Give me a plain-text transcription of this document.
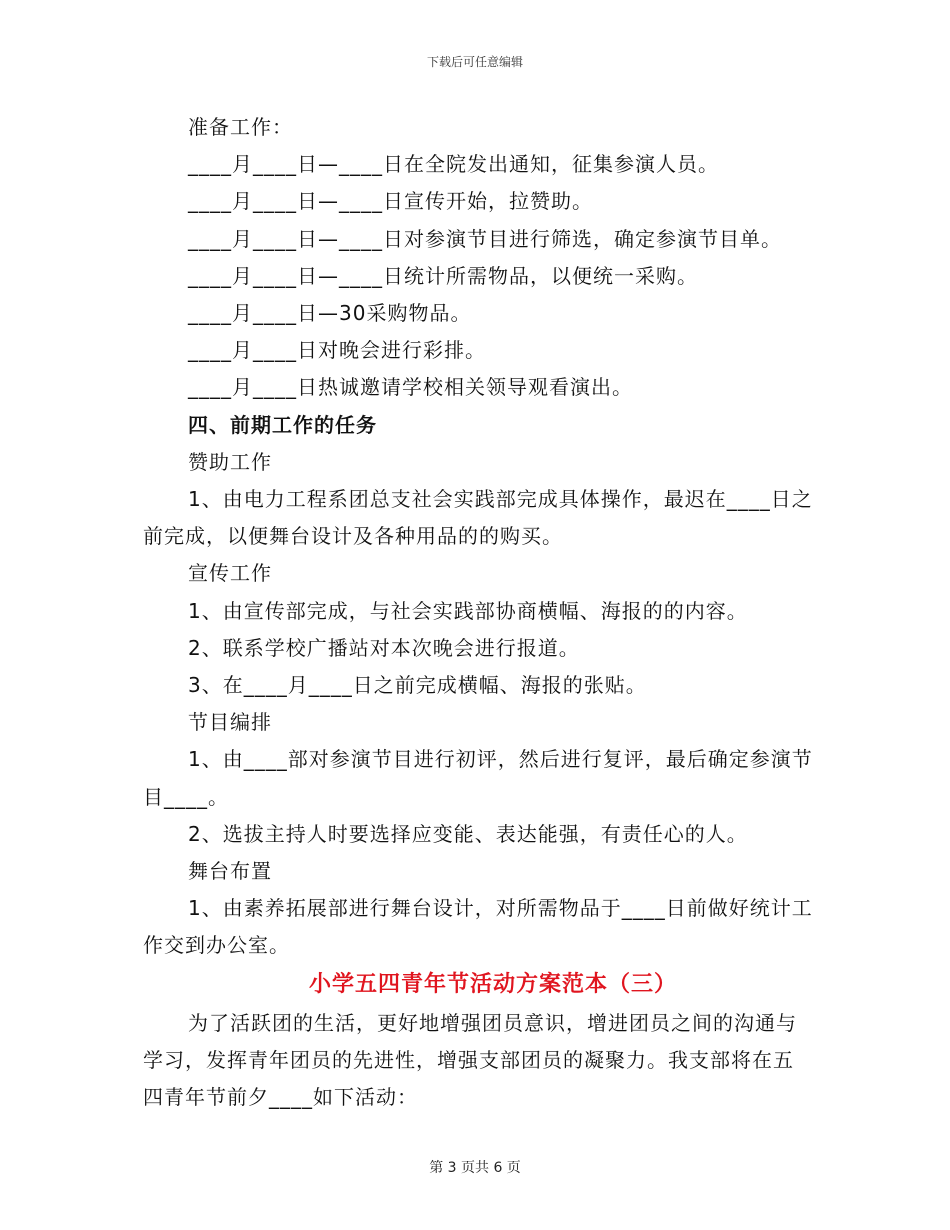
下载后可任意编辑

准备工作：

____月____日—____日在全院发出通知，征集参演人员。

____月____日—____日宣传开始，拉赞助。

____月____日—____日对参演节目进行筛选，确定参演节目单。

____月____日—____日统计所需物品，以便统一采购。

____月____日—30采购物品。

____月____日对晚会进行彩排。

____月____日热诚邀请学校相关领导观看演出。

四、前期工作的任务

赞助工作

1、由电力工程系团总支社会实践部完成具体操作，最迟在____日之前完成，以便舞台设计及各种用品的的购买。

宣传工作

1、由宣传部完成，与社会实践部协商横幅、海报的的内容。

2、联系学校广播站对本次晚会进行报道。

3、在____月____日之前完成横幅、海报的张贴。

节目编排

1、由____部对参演节目进行初评，然后进行复评，最后确定参演节目____。

2、选拔主持人时要选择应变能、表达能强，有责任心的人。

舞台布置

1、由素养拓展部进行舞台设计，对所需物品于____日前做好统计工作交到办公室。

小学五四青年节活动方案范本（三）

为了活跃团的生活，更好地增强团员意识，增进团员之间的沟通与学习，发挥青年团员的先进性，增强支部团员的凝聚力。我支部将在五四青年节前夕____如下活动：

第 3 页共 6 页
